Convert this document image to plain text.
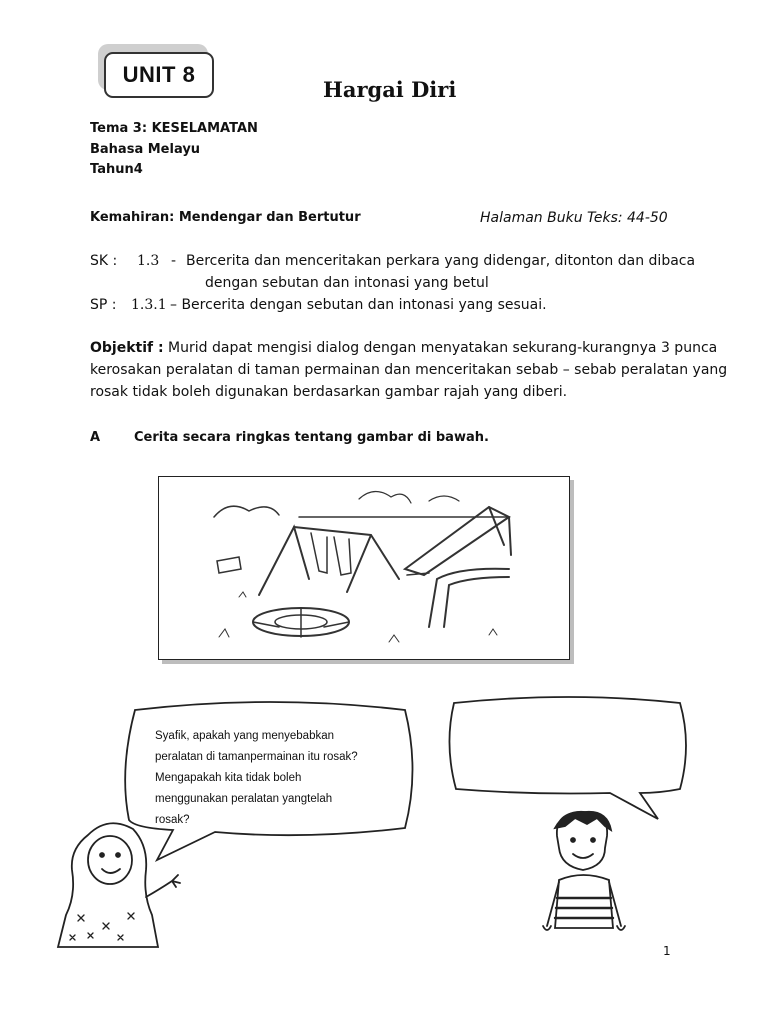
UNIT 8
Hargai Diri
Tema 3: KESELAMATAN
Bahasa Melayu
Tahun4
Kemahiran: Mendengar dan Bertutur	Halaman Buku Teks: 44-50
SK : 1.3 - Bercerita dan menceritakan perkara yang didengar, ditonton dan dibaca
dengan sebutan dan intonasi yang betul
SP : 1.3.1 – Bercerita dengan sebutan dan intonasi yang sesuai.
Objektif : Murid dapat mengisi dialog dengan menyatakan sekurang-kurangnya 3 punca
kerosakan peralatan di taman permainan dan menceritakan sebab – sebab peralatan yang
rosak tidak boleh digunakan berdasarkan gambar rajah yang diberi.
A	Cerita secara ringkas tentang gambar di bawah.
Syafik, apakah yang menyebabkan
peralatan di tamanpermainan itu rosak?
Mengapakah kita tidak boleh
menggunakan peralatan yangtelah
rosak?
1
